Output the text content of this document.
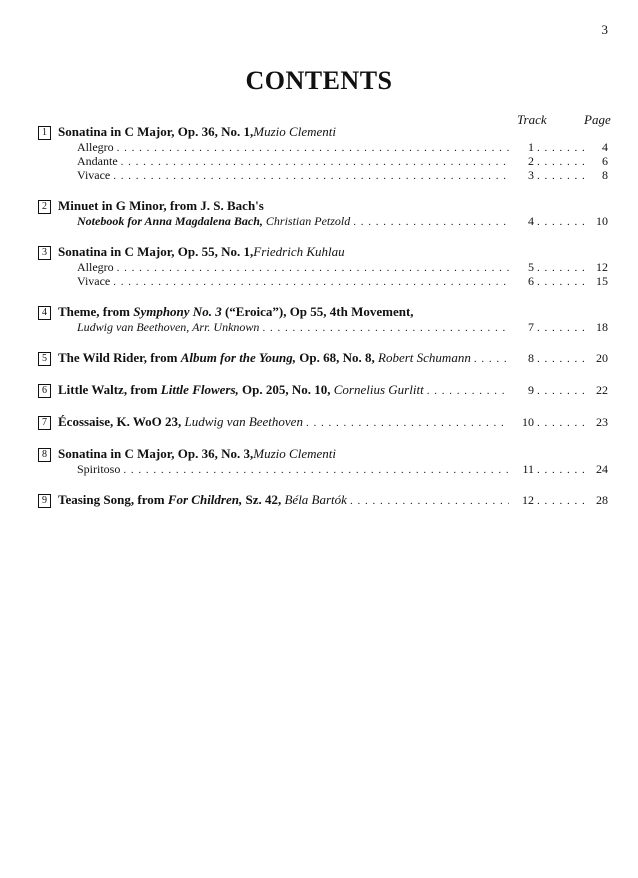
3
CONTENTS
Track	Page
1 Sonatina in C Major, Op. 36, No. 1, Muzio Clementi
Allegro . . .	1 . . .	4
Andante . . .	2 . . .	6
Vivace . . .	3 . . .	8
2 Minuet in G Minor, from J. S. Bach's
Notebook for Anna Magdalena Bach, Christian Petzold . . .	4 . . .	10
3 Sonatina in C Major, Op. 55, No. 1, Friedrich Kuhlau
Allegro . . .	5 . . .	12
Vivace . . .	6 . . .	15
4 Theme, from Symphony No. 3 (“Eroica”), Op 55, 4th Movement,
Ludwig van Beethoven, Arr. Unknown . . .	7 . . .	18
5 The Wild Rider, from Album for the Young, Op. 68, No. 8, Robert Schumann . . .	8 . . .	20
6 Little Waltz, from Little Flowers, Op. 205, No. 10, Cornelius Gurlitt . . .	9 . . .	22
7 Écossaise, K. WoO 23, Ludwig van Beethoven . . .	10 . . .	23
8 Sonatina in C Major, Op. 36, No. 3, Muzio Clementi
Spiritoso . . .	11 . . .	24
9 Teasing Song, from For Children, Sz. 42, Béla Bartók . . .	12 . . .	28
